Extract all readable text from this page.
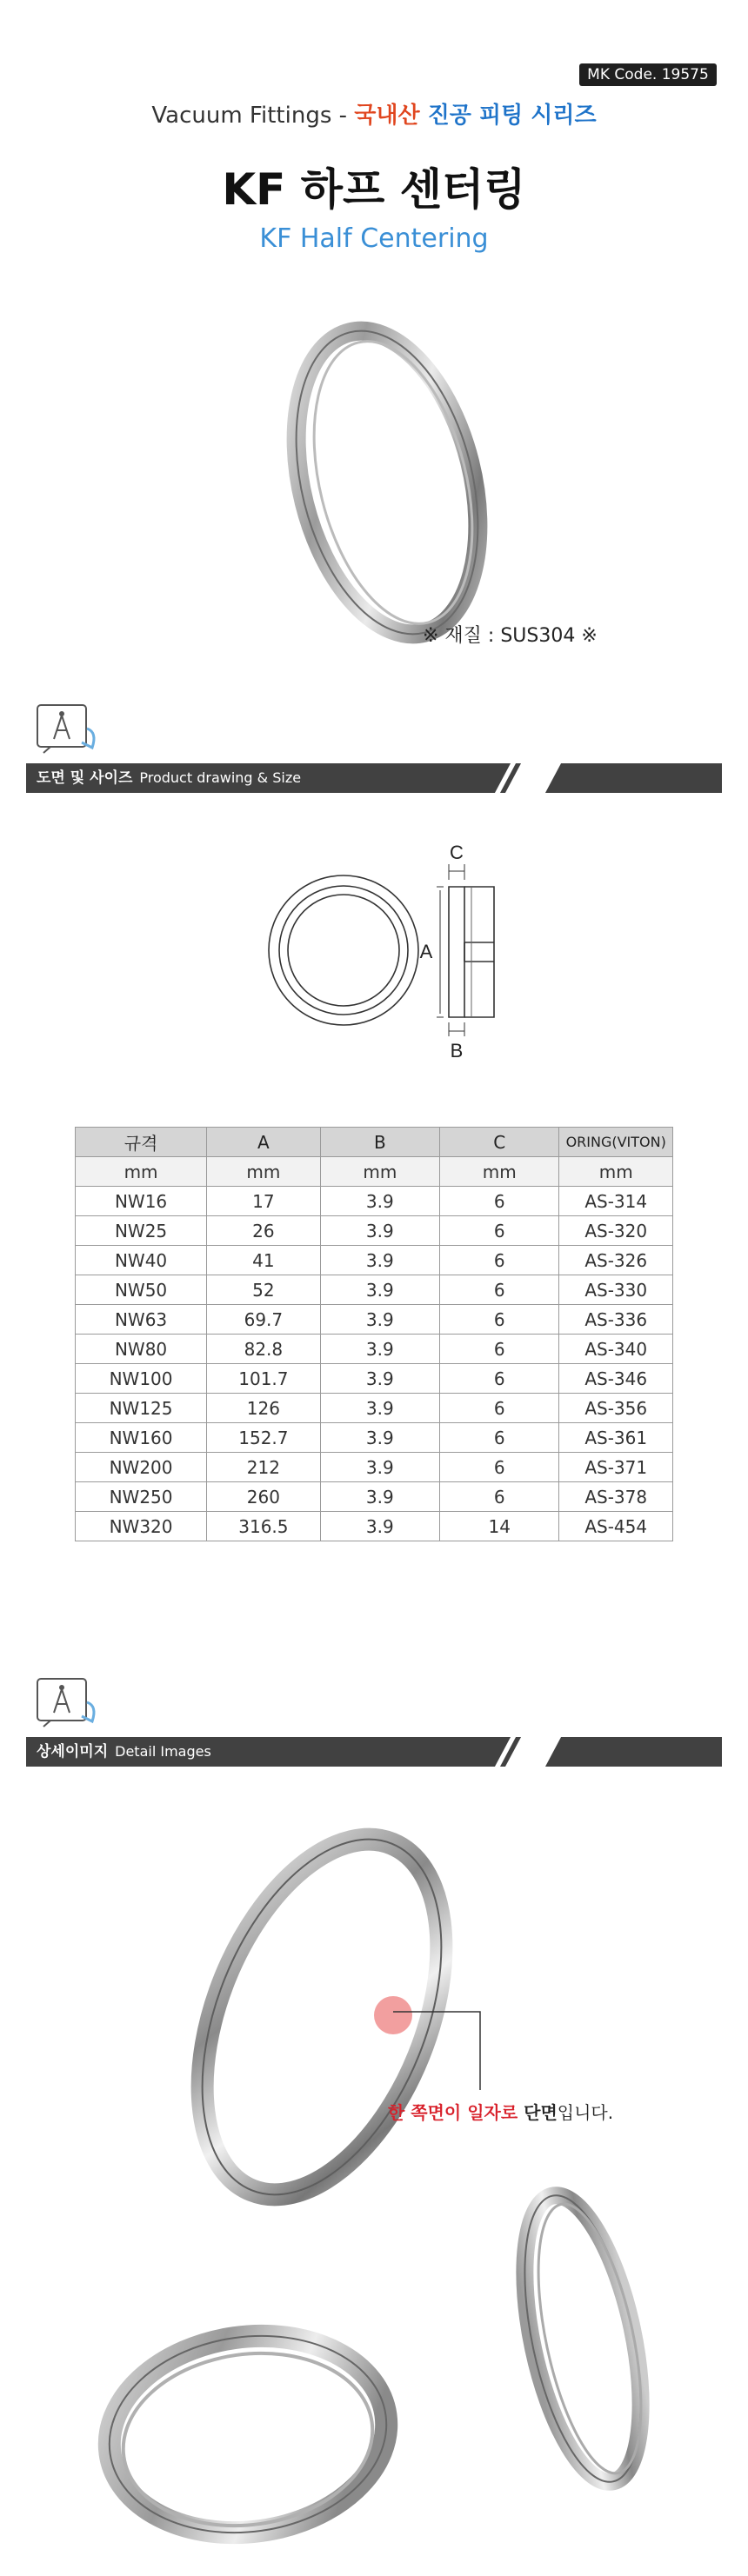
MK Code. 19575
Vacuum Fittings - 국내산 진공 피팅 시리즈
KF 하프 센터링
KF Half Centering
※ 재질 : SUS304 ※
도면 및 사이즈 Product drawing & Size
C
A
B
규격	A	B	C	ORING(VITON)
mm	mm	mm	mm	mm
NW16	17	3.9	6	AS-314
NW25	26	3.9	6	AS-320
NW40	41	3.9	6	AS-326
NW50	52	3.9	6	AS-330
NW63	69.7	3.9	6	AS-336
NW80	82.8	3.9	6	AS-340
NW100	101.7	3.9	6	AS-346
NW125	126	3.9	6	AS-356
NW160	152.7	3.9	6	AS-361
NW200	212	3.9	6	AS-371
NW250	260	3.9	6	AS-378
NW320	316.5	3.9	14	AS-454
상세이미지 Detail Images
한 쪽면이 일자로 단면입니다.
